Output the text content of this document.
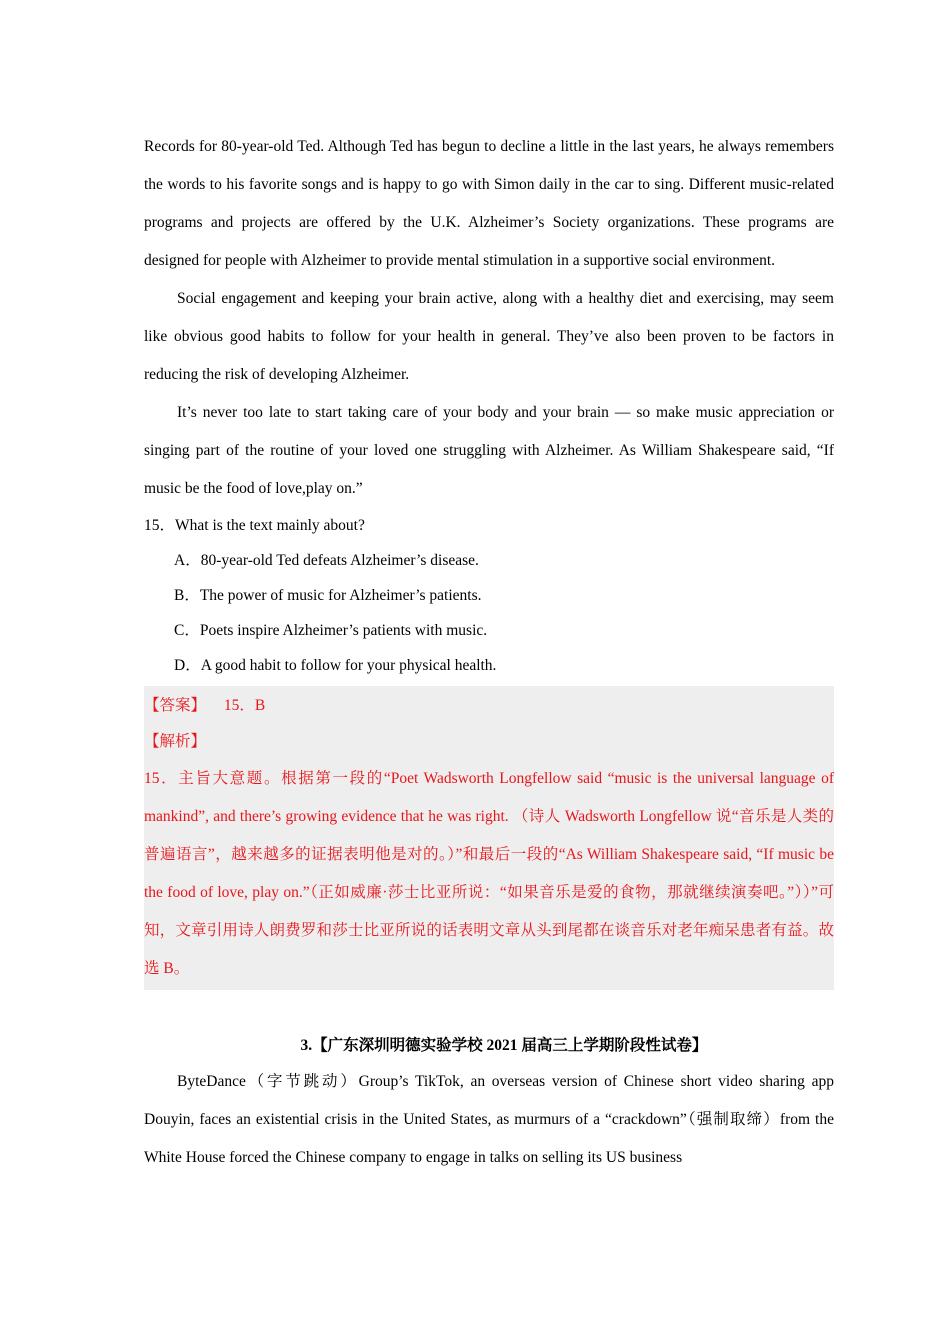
Records for 80-year-old Ted. Although Ted has begun to decline a little in the last years, he always remembers the words to his favorite songs and is happy to go with Simon daily in the car to sing. Different music-related programs and projects are offered by the U.K. Alzheimer’s Society organizations. These programs are designed for people with Alzheimer to provide mental stimulation in a supportive social environment.

Social engagement and keeping your brain active, along with a healthy diet and exercising, may seem like obvious good habits to follow for your health in general. They’ve also been proven to be factors in reducing the risk of developing Alzheimer.

It’s never too late to start taking care of your body and your brain — so make music appreciation or singing part of the routine of your loved one struggling with Alzheimer. As William Shakespeare said, “If music be the food of love,play on.”

15．What is the text mainly about?

A．80-year-old Ted defeats Alzheimer’s disease.

B．The power of music for Alzheimer’s patients.

C．Poets inspire Alzheimer’s patients with music.

D．A good habit to follow for your physical health.

【答案】 15．B

【解析】

15．主旨大意题。根据第一段的“Poet Wadsworth Longfellow said “music is the universal language of mankind”, and there’s growing evidence that he was right. （诗人 Wadsworth Longfellow 说“音乐是人类的普遍语言”，越来越多的证据表明他是对的。）”和最后一段的“As William Shakespeare said, “If music be the food of love, play on.”（正如威廉·莎士比亚所说：“如果音乐是爱的食物，那就继续演奏吧。”））”可知，文章引用诗人朗费罗和莎士比亚所说的话表明文章从头到尾都在谈音乐对老年痴呆患者有益。故选 B。

3.【广东深圳明德实验学校 2021 届高三上学期阶段性试卷】

ByteDance（字节跳动）Group’s TikTok, an overseas version of Chinese short video sharing app Douyin, faces an existential crisis in the United States, as murmurs of a “crackdown”（强制取缔）from the White House forced the Chinese company to engage in talks on selling its US business
